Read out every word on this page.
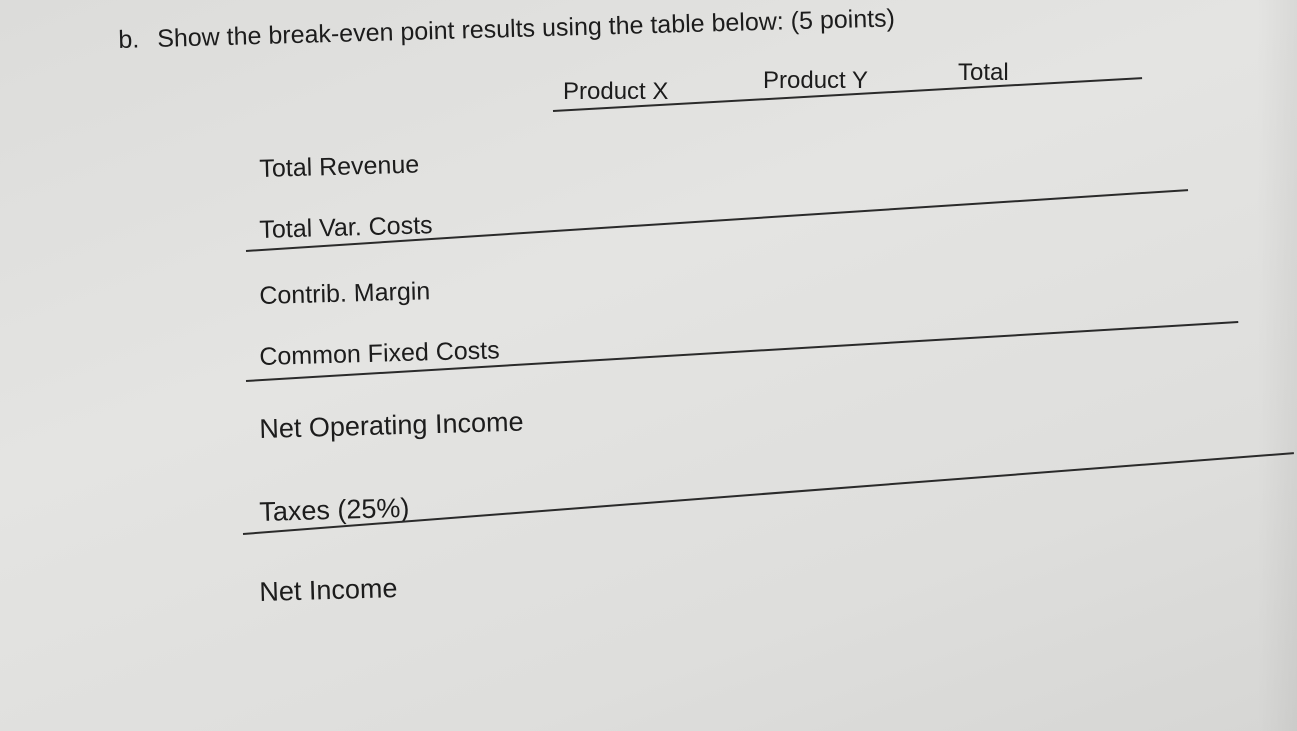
b. Show the break-even point results using the table below: (5 points)
Product X	Product Y	Total
Total Revenue
Total Var. Costs
Contrib. Margin
Common Fixed Costs
Net Operating Income
Taxes (25%)
Net Income
